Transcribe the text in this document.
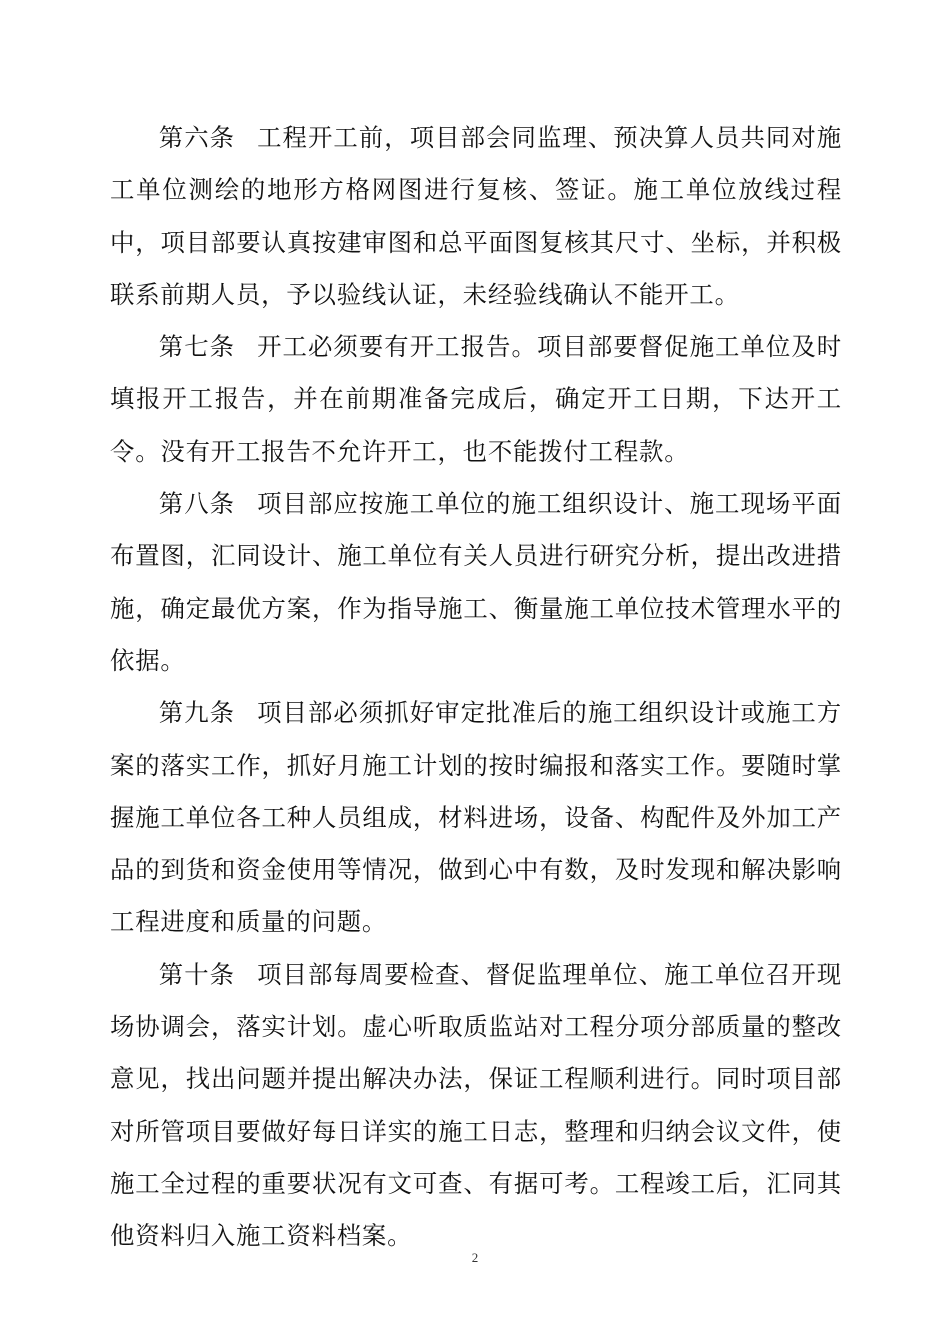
第六条 工程开工前，项目部会同监理、预决算人员共同对施工单位测绘的地形方格网图进行复核、签证。施工单位放线过程中，项目部要认真按建审图和总平面图复核其尺寸、坐标，并积极联系前期人员，予以验线认证，未经验线确认不能开工。

第七条 开工必须要有开工报告。项目部要督促施工单位及时填报开工报告，并在前期准备完成后，确定开工日期，下达开工令。没有开工报告不允许开工，也不能拨付工程款。

第八条 项目部应按施工单位的施工组织设计、施工现场平面布置图，汇同设计、施工单位有关人员进行研究分析，提出改进措施，确定最优方案，作为指导施工、衡量施工单位技术管理水平的依据。

第九条 项目部必须抓好审定批准后的施工组织设计或施工方案的落实工作，抓好月施工计划的按时编报和落实工作。要随时掌握施工单位各工种人员组成，材料进场，设备、构配件及外加工产品的到货和资金使用等情况，做到心中有数，及时发现和解决影响工程进度和质量的问题。

第十条 项目部每周要检查、督促监理单位、施工单位召开现场协调会，落实计划。虚心听取质监站对工程分项分部质量的整改意见，找出问题并提出解决办法，保证工程顺利进行。同时项目部对所管项目要做好每日详实的施工日志，整理和归纳会议文件，使施工全过程的重要状况有文可查、有据可考。工程竣工后，汇同其他资料归入施工资料档案。

2
